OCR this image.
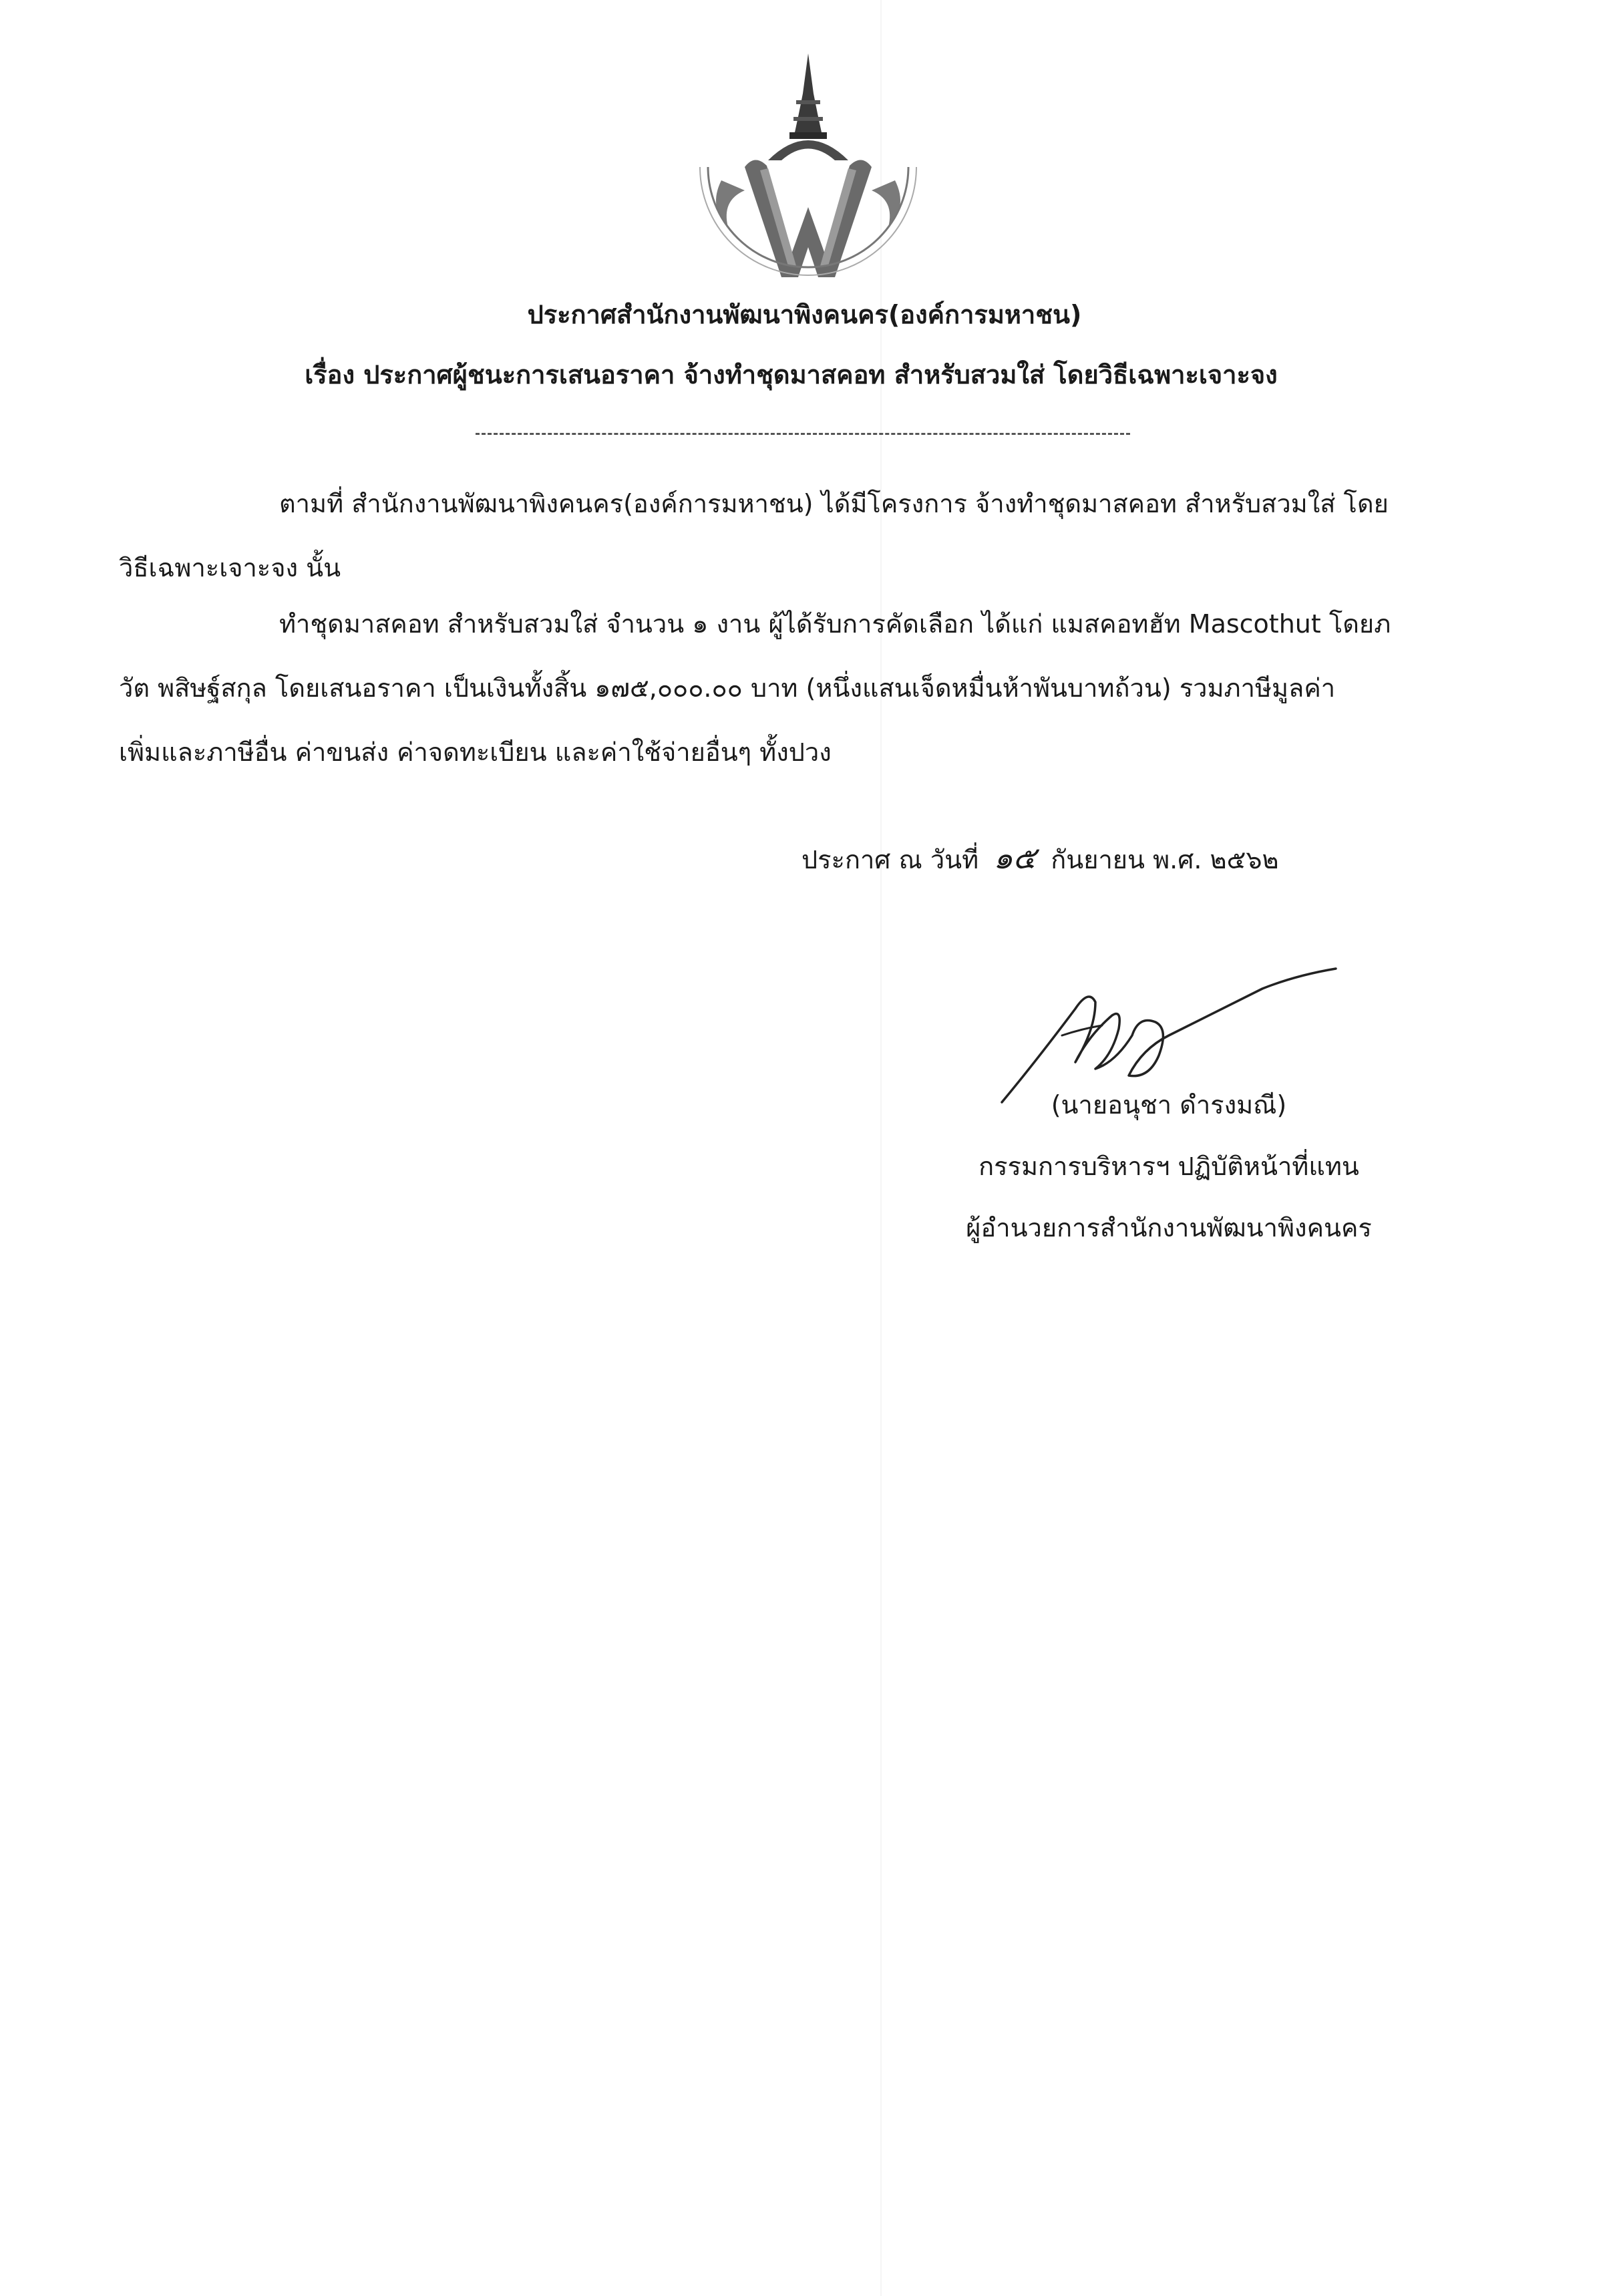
ประกาศสำนักงานพัฒนาพิงคนคร(องค์การมหาชน)
เรื่อง ประกาศผู้ชนะการเสนอราคา จ้างทำชุดมาสคอท สำหรับสวมใส่ โดยวิธีเฉพาะเจาะจง

ตามที่ สำนักงานพัฒนาพิงคนคร(องค์การมหาชน) ได้มีโครงการ จ้างทำชุดมาสคอท สำหรับสวมใส่ โดย

วิธีเฉพาะเจาะจง นั้น

ทำชุดมาสคอท สำหรับสวมใส่ จำนวน ๑ งาน ผู้ได้รับการคัดเลือก ได้แก่ แมสคอทฮัท Mascothut โดยภ

วัต พสิษฐ์สกุล โดยเสนอราคา เป็นเงินทั้งสิ้น ๑๗๕,๐๐๐.๐๐ บาท (หนึ่งแสนเจ็ดหมื่นห้าพันบาทถ้วน) รวมภาษีมูลค่า

เพิ่มและภาษีอื่น ค่าขนส่ง ค่าจดทะเบียน และค่าใช้จ่ายอื่นๆ ทั้งปวง

ประกาศ ณ วันที่ ๑๕ กันยายน พ.ศ. ๒๕๖๒
(นายอนุชา ดำรงมณี)
กรรมการบริหารฯ ปฏิบัติหน้าที่แทน
ผู้อำนวยการสำนักงานพัฒนาพิงคนคร
